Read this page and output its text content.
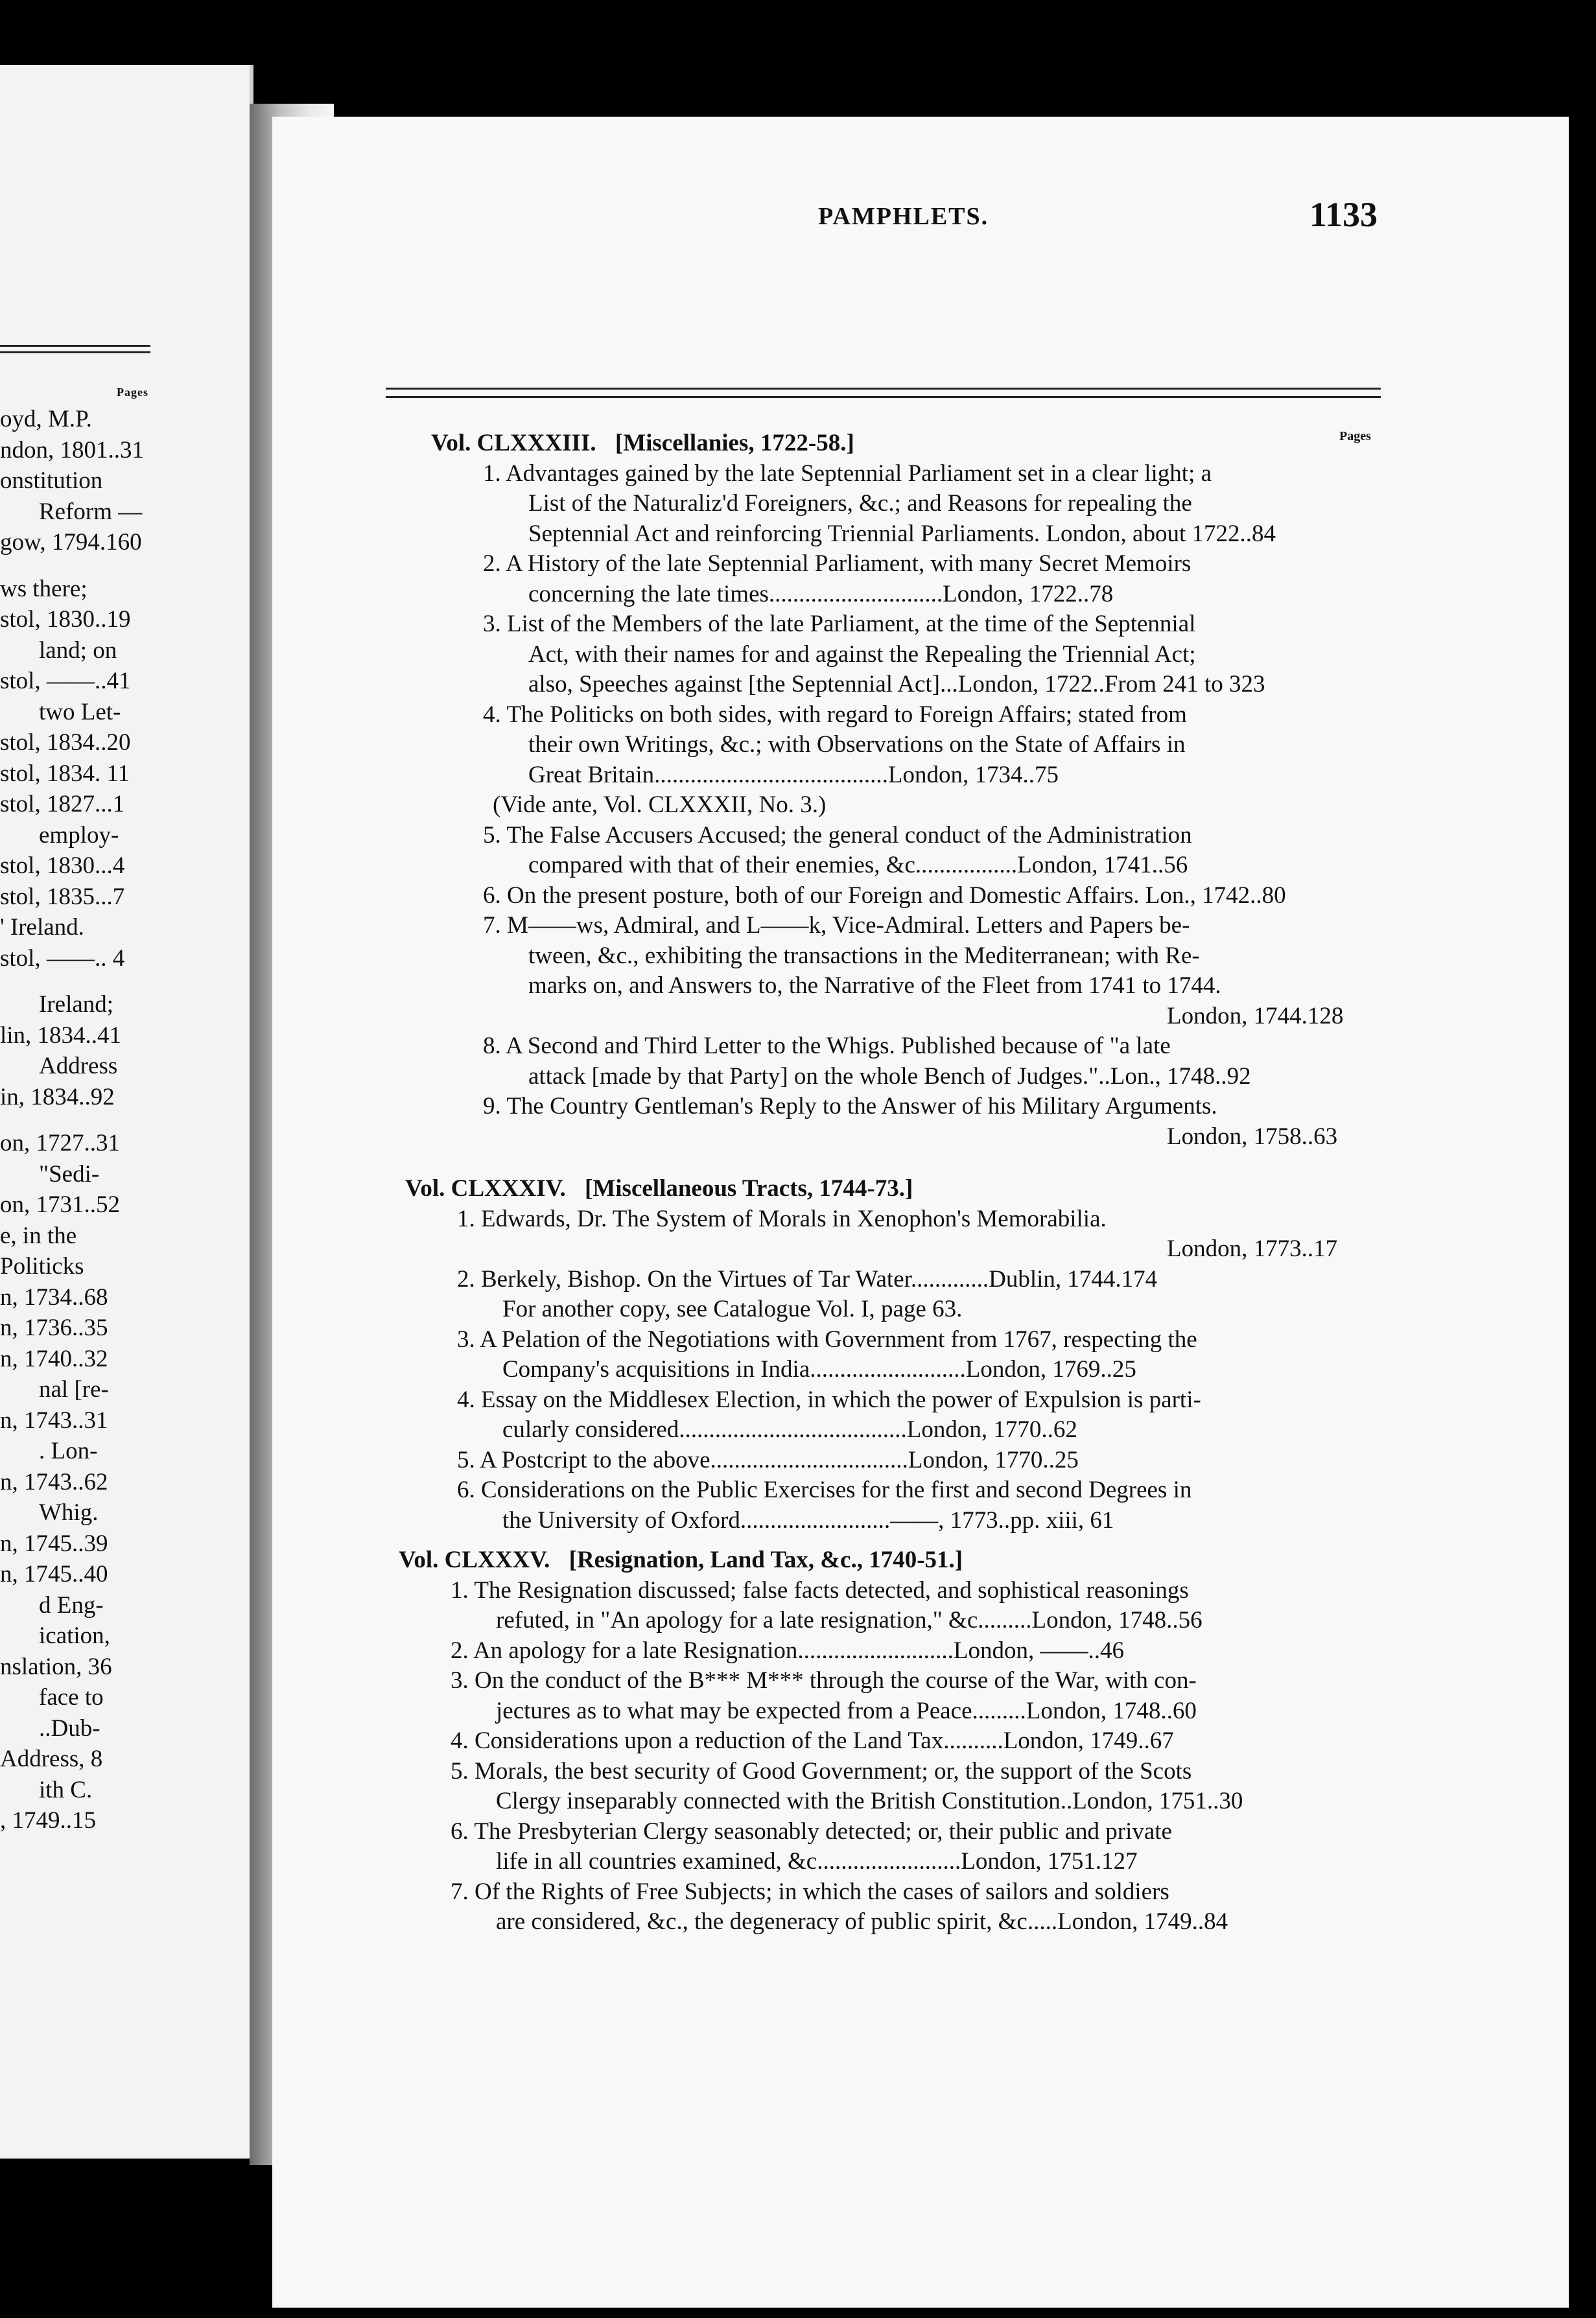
Pages
oyd, M.P.
ndon, 1801..31
onstitution
Reform —
gow, 1794.160
ws there;
stol, 1830..19
land; on
stol, ——..41
two Let-
stol, 1834..20
stol, 1834. 11
stol, 1827...1
employ-
stol, 1830...4
stol, 1835...7
' Ireland.
stol, ——.. 4
Ireland;
lin, 1834..41
Address
in, 1834..92
on, 1727..31
"Sedi-
on, 1731..52
e, in the
Politicks
n, 1734..68
n, 1736..35
n, 1740..32
nal [re-
n, 1743..31
. Lon-
n, 1743..62
Whig.
n, 1745..39
n, 1745..40
d Eng-
ication,
nslation, 36
face to
..Dub-
Address, 8
ith C.
, 1749..15
PAMPHLETS.	1133
Pages
Vol. CLXXXIII. [Miscellanies, 1722-58.]
1. Advantages gained by the late Septennial Parliament set in a clear light; a
List of the Naturaliz'd Foreigners, &c.; and Reasons for repealing the
Septennial Act and reinforcing Triennial Parliaments. London, about 1722..84
2. A History of the late Septennial Parliament, with many Secret Memoirs
concerning the late times.............................London, 1722..78
3. List of the Members of the late Parliament, at the time of the Septennial
Act, with their names for and against the Repealing the Triennial Act;
also, Speeches against [the Septennial Act]...London, 1722..From 241 to 323
4. The Politicks on both sides, with regard to Foreign Affairs; stated from
their own Writings, &c.; with Observations on the State of Affairs in
Great Britain.......................................London, 1734..75
(Vide ante, Vol. CLXXXII, No. 3.)
5. The False Accusers Accused; the general conduct of the Administration
compared with that of their enemies, &c.................London, 1741..56
6. On the present posture, both of our Foreign and Domestic Affairs. Lon., 1742..80
7. M——ws, Admiral, and L——k, Vice-Admiral. Letters and Papers be-
tween, &c., exhibiting the transactions in the Mediterranean; with Re-
marks on, and Answers to, the Narrative of the Fleet from 1741 to 1744.
London, 1744.128
8. A Second and Third Letter to the Whigs. Published because of "a late
attack [made by that Party] on the whole Bench of Judges."..Lon., 1748..92
9. The Country Gentleman's Reply to the Answer of his Military Arguments.
London, 1758..63
Vol. CLXXXIV. [Miscellaneous Tracts, 1744-73.]
1. Edwards, Dr. The System of Morals in Xenophon's Memorabilia.
London, 1773..17
2. Berkely, Bishop. On the Virtues of Tar Water.............Dublin, 1744.174
For another copy, see Catalogue Vol. I, page 63.
3. A Pelation of the Negotiations with Government from 1767, respecting the
Company's acquisitions in India..........................London, 1769..25
4. Essay on the Middlesex Election, in which the power of Expulsion is parti-
cularly considered......................................London, 1770..62
5. A Postcript to the above.................................London, 1770..25
6. Considerations on the Public Exercises for the first and second Degrees in
the University of Oxford.........................——, 1773..pp. xiii, 61
Vol. CLXXXV. [Resignation, Land Tax, &c., 1740-51.]
1. The Resignation discussed; false facts detected, and sophistical reasonings
refuted, in "An apology for a late resignation," &c.........London, 1748..56
2. An apology for a late Resignation..........................London, ——..46
3. On the conduct of the B*** M*** through the course of the War, with con-
jectures as to what may be expected from a Peace.........London, 1748..60
4. Considerations upon a reduction of the Land Tax..........London, 1749..67
5. Morals, the best security of Good Government; or, the support of the Scots
Clergy inseparably connected with the British Constitution..London, 1751..30
6. The Presbyterian Clergy seasonably detected; or, their public and private
life in all countries examined, &c........................London, 1751.127
7. Of the Rights of Free Subjects; in which the cases of sailors and soldiers
are considered, &c., the degeneracy of public spirit, &c.....London, 1749..84
